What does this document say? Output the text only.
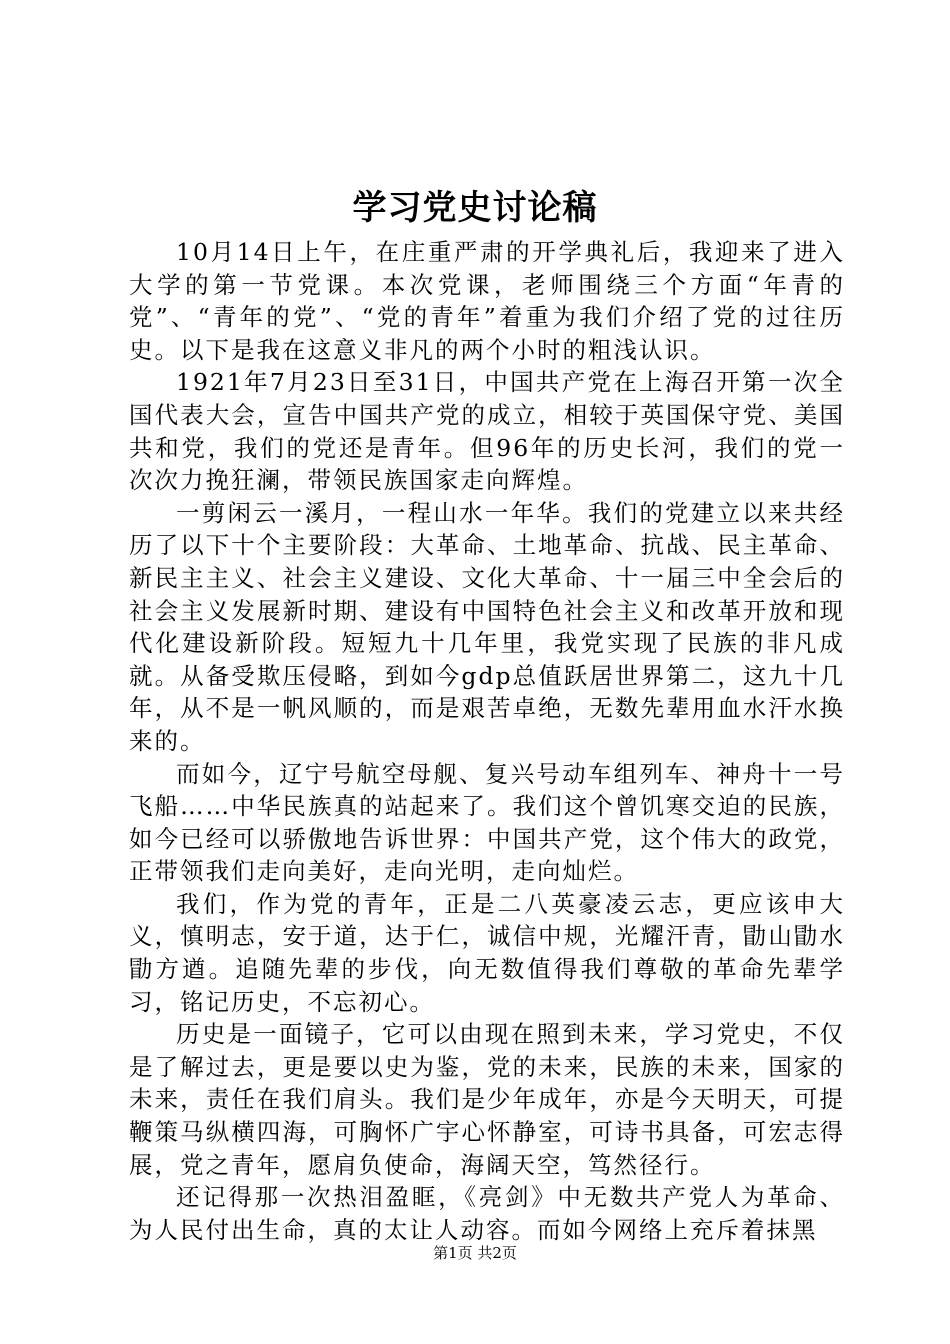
学习党史讨论稿

10月14日上午，在庄重严肃的开学典礼后，我迎来了进入大学的第一节党课。本次党课，老师围绕三个方面“年青的党”、“青年的党”、“党的青年”着重为我们介绍了党的过往历史。以下是我在这意义非凡的两个小时的粗浅认识。

1921年7月23日至31日，中国共产党在上海召开第一次全国代表大会，宣告中国共产党的成立，相较于英国保守党、美国共和党，我们的党还是青年。但96年的历史长河，我们的党一次次力挽狂澜，带领民族国家走向辉煌。

一剪闲云一溪月，一程山水一年华。我们的党建立以来共经历了以下十个主要阶段：大革命、土地革命、抗战、民主革命、新民主主义、社会主义建设、文化大革命、十一届三中全会后的社会主义发展新时期、建设有中国特色社会主义和改革开放和现代化建设新阶段。短短九十几年里，我党实现了民族的非凡成就。从备受欺压侵略，到如今gdp总值跃居世界第二，这九十几年，从不是一帆风顺的，而是艰苦卓绝，无数先辈用血水汗水换来的。

而如今，辽宁号航空母舰、复兴号动车组列车、神舟十一号飞船……中华民族真的站起来了。我们这个曾饥寒交迫的民族，如今已经可以骄傲地告诉世界：中国共产党，这个伟大的政党，正带领我们走向美好，走向光明，走向灿烂。

我们，作为党的青年，正是二八英豪凌云志，更应该申大义，慎明志，安于道，达于仁，诚信中规，光耀汗青，勖山勖水勖方遒。追随先辈的步伐，向无数值得我们尊敬的革命先辈学习，铭记历史，不忘初心。

历史是一面镜子，它可以由现在照到未来，学习党史，不仅是了解过去，更是要以史为鉴，党的未来，民族的未来，国家的未来，责任在我们肩头。我们是少年成年，亦是今天明天，可提鞭策马纵横四海，可胸怀广宇心怀静室，可诗书具备，可宏志得展，党之青年，愿肩负使命，海阔天空，笃然径行。

还记得那一次热泪盈眶，《亮剑》中无数共产党人为革命、为人民付出生命，真的太让人动容。而如今网络上充斥着抹黑

第1页 共2页
